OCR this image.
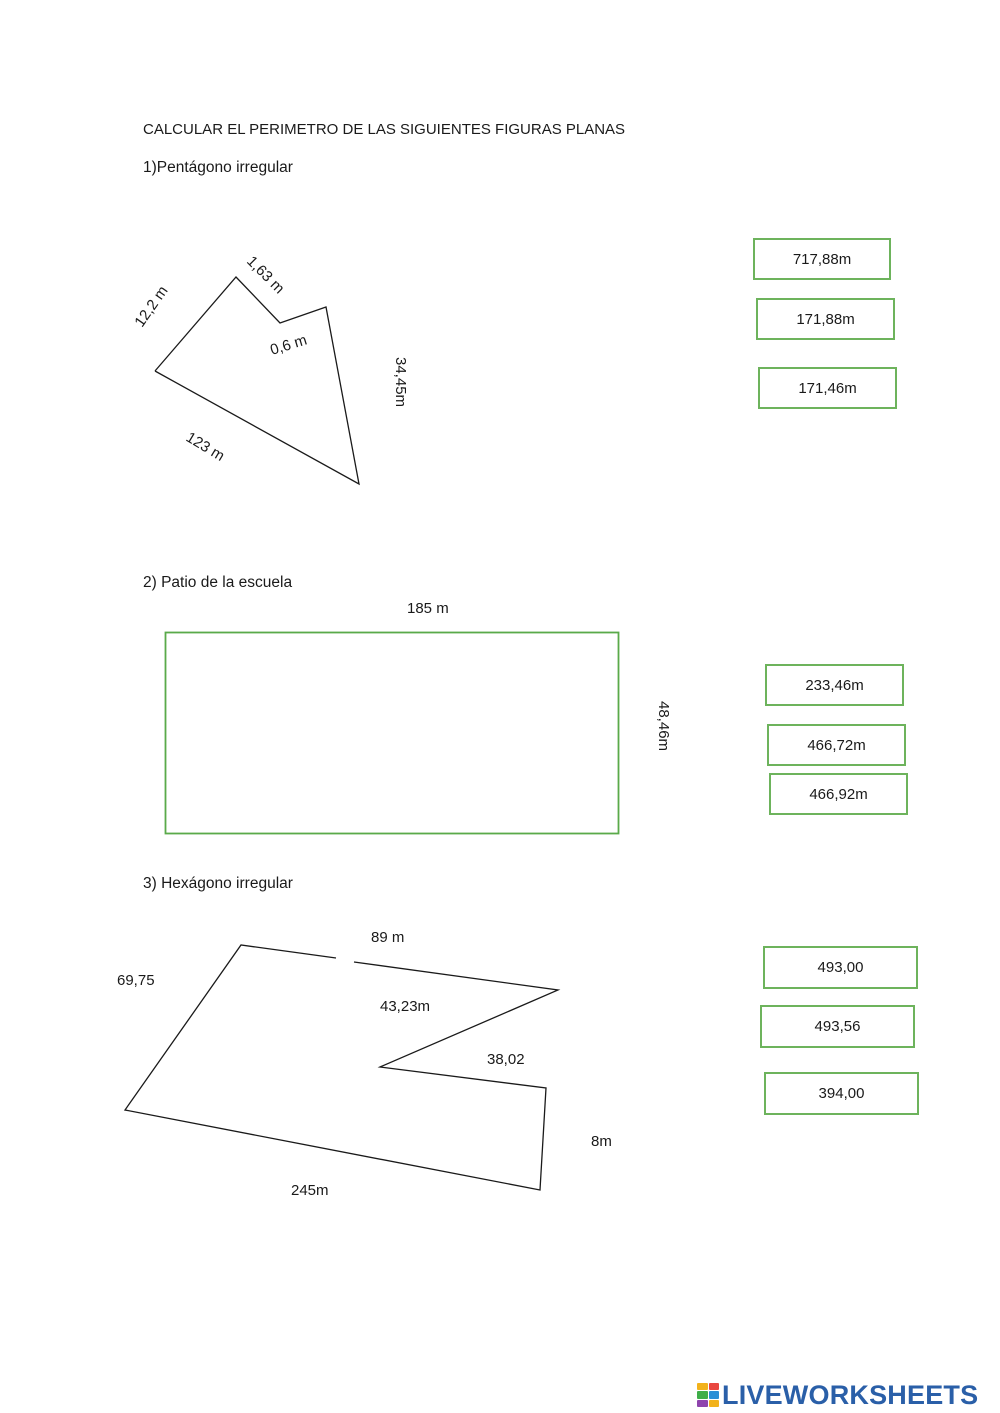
CALCULAR EL PERIMETRO DE LAS SIGUIENTES FIGURAS PLANAS
1)Pentágono irregular
2) Patio de la escuela
3) Hexágono irregular
12,2 m
1,63 m
0,6 m
34,45m
123 m
185 m
48,46m
89 m
69,75
43,23m
38,02
8m
245m
717,88m
171,88m
171,46m
233,46m
466,72m
466,92m
493,00
493,56
394,00
LIVEWORKSHEETS
